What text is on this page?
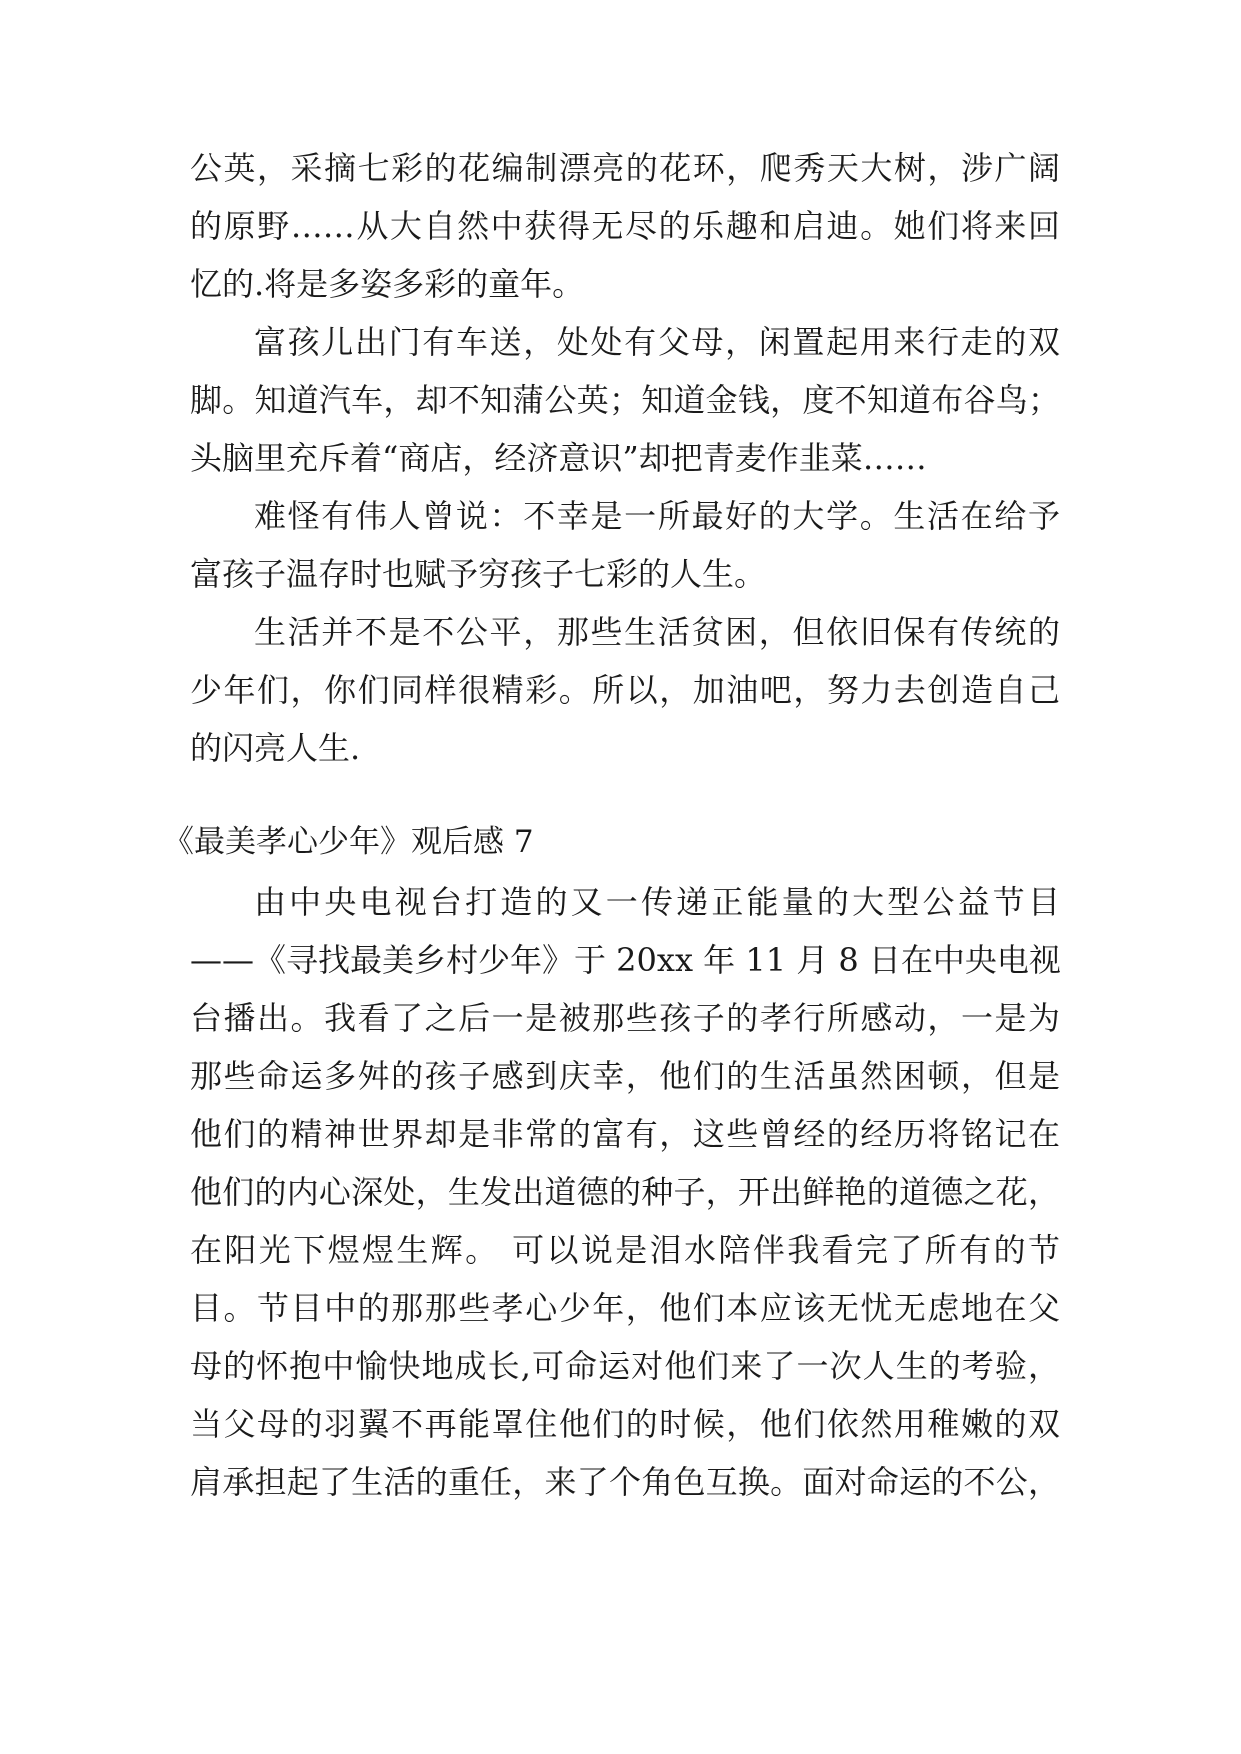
公英，采摘七彩的花编制漂亮的花环，爬秀天大树，涉广阔
的原野……从大自然中获得无尽的乐趣和启迪。她们将来回
忆的.将是多姿多彩的童年。
富孩儿出门有车送，处处有父母，闲置起用来行走的双
脚。知道汽车，却不知蒲公英；知道金钱，度不知道布谷鸟；
头脑里充斥着“商店，经济意识”却把青麦作韭菜……
难怪有伟人曾说：不幸是一所最好的大学。生活在给予
富孩子温存时也赋予穷孩子七彩的人生。
生活并不是不公平，那些生活贫困，但依旧保有传统的
少年们，你们同样很精彩。所以，加油吧，努力去创造自己
的闪亮人生.
《最美孝心少年》观后感 7
由中央电视台打造的又一传递正能量的大型公益节目
——《寻找最美乡村少年》于 20xx 年 11 月 8 日在中央电视
台播出。我看了之后一是被那些孩子的孝行所感动，一是为
那些命运多舛的孩子感到庆幸，他们的生活虽然困顿，但是
他们的精神世界却是非常的富有，这些曾经的经历将铭记在
他们的内心深处，生发出道德的种子，开出鲜艳的道德之花，
在阳光下煜煜生辉。 可以说是泪水陪伴我看完了所有的节
目。节目中的那那些孝心少年，他们本应该无忧无虑地在父
母的怀抱中愉快地成长,可命运对他们来了一次人生的考验，
当父母的羽翼不再能罩住他们的时候，他们依然用稚嫩的双
肩承担起了生活的重任，来了个角色互换。面对命运的不公，
